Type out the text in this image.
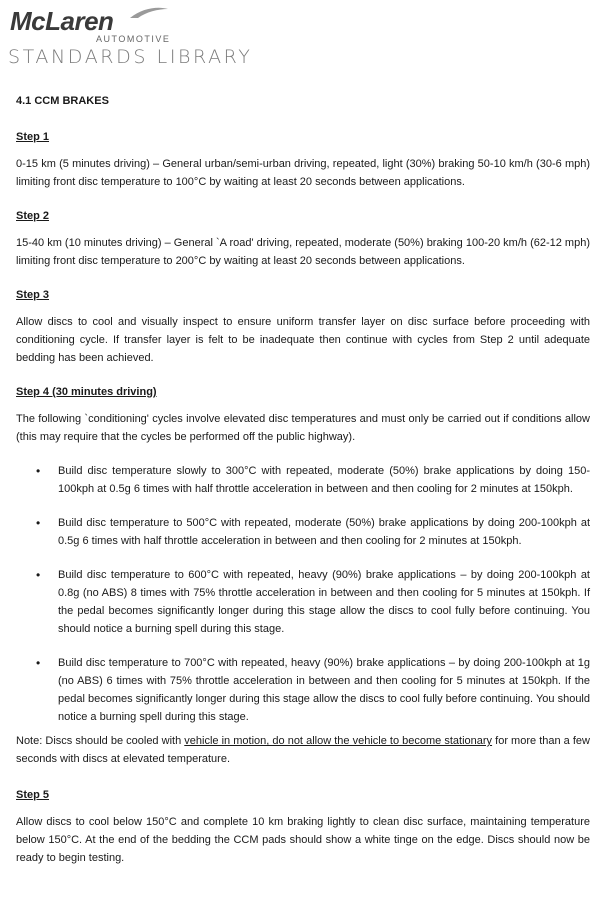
McLaren
AUTOMOTIVE
STANDARDS LIBRARY
4.1 CCM BRAKES
Step 1

0-15 km (5 minutes driving) – General urban/semi-urban driving, repeated, light (30%) braking 50-10 km/h (30-6 mph) limiting front disc temperature to 100°C by waiting at least 20 seconds between applications.

Step 2

15-40 km (10 minutes driving) – General `A road' driving, repeated, moderate (50%) braking 100-20 km/h (62-12 mph) limiting front disc temperature to 200°C by waiting at least 20 seconds between applications.

Step 3

Allow discs to cool and visually inspect to ensure uniform transfer layer on disc surface before proceeding with conditioning cycle. If transfer layer is felt to be inadequate then continue with cycles from Step 2 until adequate bedding has been achieved.

Step 4 (30 minutes driving)

The following `conditioning' cycles involve elevated disc temperatures and must only be carried out if conditions allow (this may require that the cycles be performed off the public highway).

• Build disc temperature slowly to 300°C with repeated, moderate (50%) brake applications by doing 150-100kph at 0.5g 6 times with half throttle acceleration in between and then cooling for 2 minutes at 150kph.
• Build disc temperature to 500°C with repeated, moderate (50%) brake applications by doing 200-100kph at 0.5g 6 times with half throttle acceleration in between and then cooling for 2 minutes at 150kph.
• Build disc temperature to 600°C with repeated, heavy (90%) brake applications – by doing 200-100kph at 0.8g (no ABS) 8 times with 75% throttle acceleration in between and then cooling for 5 minutes at 150kph. If the pedal becomes significantly longer during this stage allow the discs to cool fully before continuing. You should notice a burning spell during this stage.
• Build disc temperature to 700°C with repeated, heavy (90%) brake applications – by doing 200-100kph at 1g (no ABS) 6 times with 75% throttle acceleration in between and then cooling for 5 minutes at 150kph. If the pedal becomes significantly longer during this stage allow the discs to cool fully before continuing. You should notice a burning spell during this stage.

Note: Discs should be cooled with vehicle in motion, do not allow the vehicle to become stationary for more than a few seconds with discs at elevated temperature.

Step 5

Allow discs to cool below 150°C and complete 10 km braking lightly to clean disc surface, maintaining temperature below 150°C. At the end of the bedding the CCM pads should show a white tinge on the edge. Discs should now be ready to begin testing.
